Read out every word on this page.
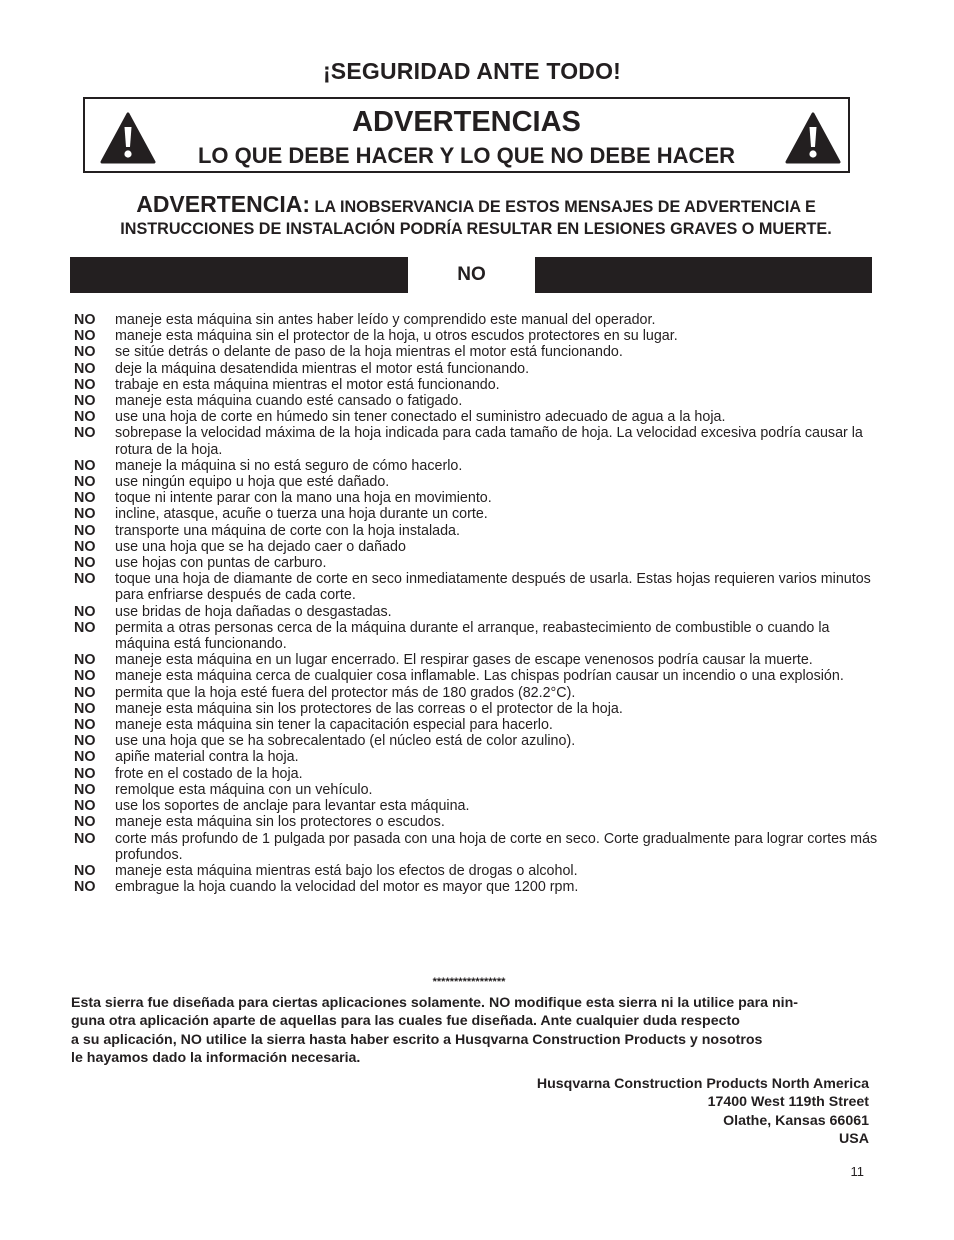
¡SEGURIDAD ANTE TODO!
ADVERTENCIAS
LO QUE DEBE HACER Y LO QUE NO DEBE HACER
ADVERTENCIA: LA INOBSERVANCIA DE ESTOS MENSAJES DE ADVERTENCIA E
INSTRUCCIONES DE INSTALACIÓN PODRÍA RESULTAR EN LESIONES GRAVES O MUERTE.
NO
NO	maneje esta máquina sin antes haber leído y comprendido este manual del operador.
NO	maneje esta máquina sin el protector de la hoja, u otros escudos protectores en su lugar.
NO	se sitúe detrás o delante de paso de la hoja mientras el motor está funcionando.
NO	deje la máquina desatendida mientras el motor está funcionando.
NO	trabaje en esta máquina mientras el motor está funcionando.
NO	maneje esta máquina cuando esté cansado o fatigado.
NO	use una hoja de corte en húmedo sin tener conectado el suministro adecuado de agua a la hoja.
NO	sobrepase la velocidad máxima de la hoja indicada para cada tamaño de hoja. La velocidad excesiva podría causar la rotura de la hoja.
NO	maneje la máquina si no está seguro de cómo hacerlo.
NO	use ningún equipo u hoja que esté dañado.
NO	toque ni intente parar con la mano una hoja en movimiento.
NO	incline, atasque, acuñe o tuerza una hoja durante un corte.
NO	transporte una máquina de corte con la hoja instalada.
NO	use una hoja que se ha dejado caer o dañado
NO	use hojas con puntas de carburo.
NO	toque una hoja de diamante de corte en seco inmediatamente después de usarla. Estas hojas requieren varios minutos para enfriarse después de cada corte.
NO	use bridas de hoja dañadas o desgastadas.
NO	permita a otras personas cerca de la máquina durante el arranque, reabastecimiento de combustible o cuando la máquina está funcionando.
NO	maneje esta máquina en un lugar encerrado. El respirar gases de escape venenosos podría causar la muerte.
NO	maneje esta máquina cerca de cualquier cosa inflamable. Las chispas podrían causar un incendio o una explosión.
NO	permita que la hoja esté fuera del protector más de 180 grados (82.2°C).
NO	maneje esta máquina sin los protectores de las correas o el protector de la hoja.
NO	maneje esta máquina sin tener la capacitación especial para hacerlo.
NO	use una hoja que se ha sobrecalentado (el núcleo está de color azulino).
NO	apiñe material contra la hoja.
NO	frote en el costado de la hoja.
NO	remolque esta máquina con un vehículo.
NO	use los soportes de anclaje para levantar esta máquina.
NO	maneje esta máquina sin los protectores o escudos.
NO	corte más profundo de 1 pulgada por pasada con una hoja de corte en seco. Corte gradualmente para lograr cortes más profundos.
NO	maneje esta máquina mientras está bajo los efectos de drogas o alcohol.
NO	embrague la hoja cuando la velocidad del motor es mayor que 1200 rpm.
*****************
Esta sierra fue diseñada para ciertas aplicaciones solamente. NO modifique esta sierra ni la utilice para nin-
guna otra aplicación aparte de aquellas para las cuales fue diseñada. Ante cualquier duda respecto
a su aplicación, NO utilice la sierra hasta haber escrito a Husqvarna Construction Products y nosotros
le hayamos dado la información necesaria.
Husqvarna Construction Products North America
17400 West 119th Street
Olathe, Kansas 66061
USA
11
